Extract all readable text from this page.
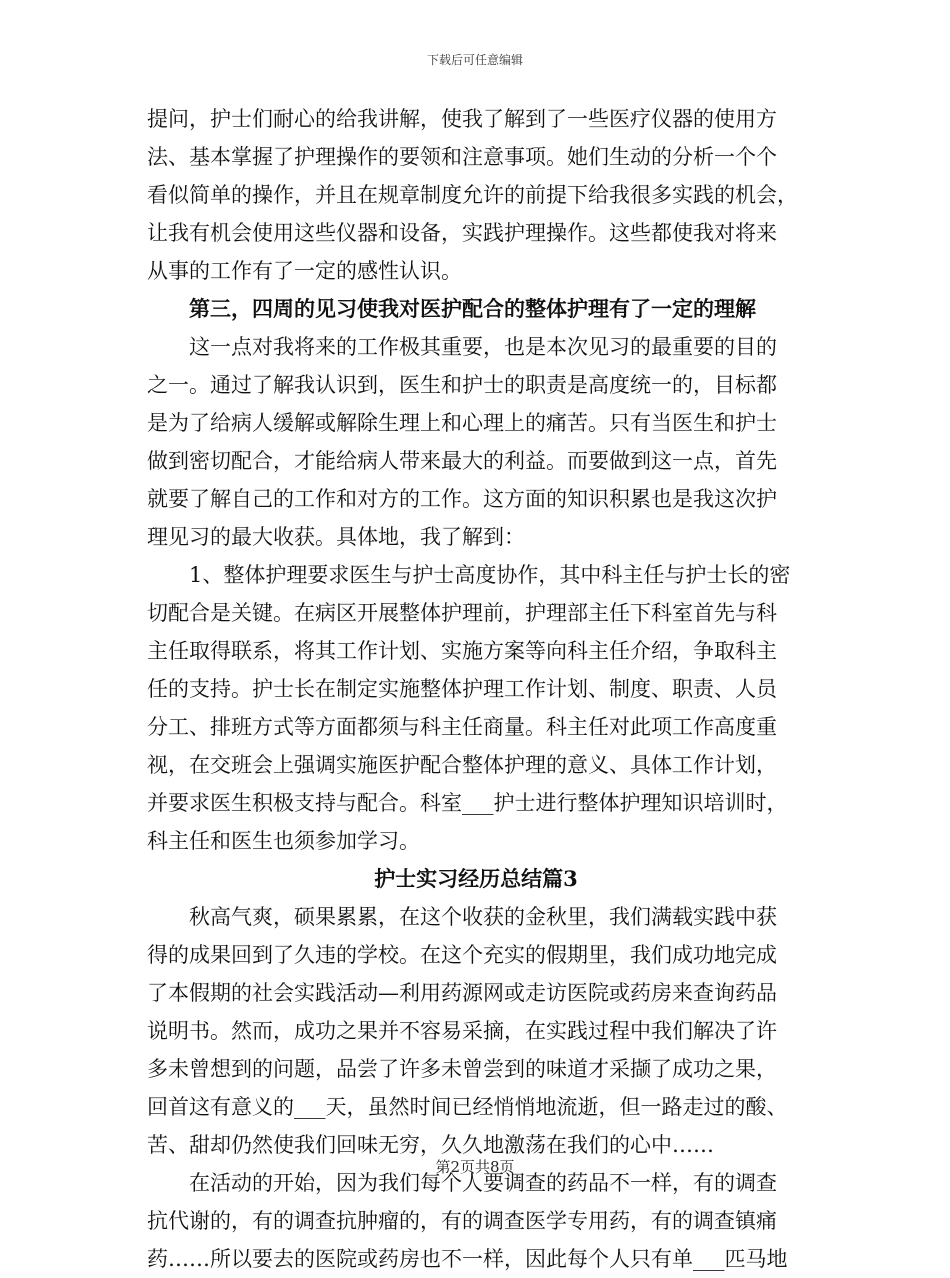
下载后可任意编辑
提问，护士们耐心的给我讲解，使我了解到了一些医疗仪器的使用方
法、基本掌握了护理操作的要领和注意事项。她们生动的分析一个个
看似简单的操作，并且在规章制度允许的前提下给我很多实践的机会，
让我有机会使用这些仪器和设备，实践护理操作。这些都使我对将来
从事的工作有了一定的感性认识。
第三，四周的见习使我对医护配合的整体护理有了一定的理解
这一点对我将来的工作极其重要，也是本次见习的最重要的目的
之一。通过了解我认识到，医生和护士的职责是高度统一的，目标都
是为了给病人缓解或解除生理上和心理上的痛苦。只有当医生和护士
做到密切配合，才能给病人带来最大的利益。而要做到这一点，首先
就要了解自己的工作和对方的工作。这方面的知识积累也是我这次护
理见习的最大收获。具体地，我了解到：
1、整体护理要求医生与护士高度协作，其中科主任与护士长的密
切配合是关键。在病区开展整体护理前，护理部主任下科室首先与科
主任取得联系，将其工作计划、实施方案等向科主任介绍，争取科主
任的支持。护士长在制定实施整体护理工作计划、制度、职责、人员
分工、排班方式等方面都须与科主任商量。科主任对此项工作高度重
视，在交班会上强调实施医护配合整体护理的意义、具体工作计划，
并要求医生积极支持与配合。科室___护士进行整体护理知识培训时，
科主任和医生也须参加学习。
护士实习经历总结篇3
秋高气爽，硕果累累，在这个收获的金秋里，我们满载实践中获
得的成果回到了久违的学校。在这个充实的假期里，我们成功地完成
了本假期的社会实践活动—利用药源网或走访医院或药房来查询药品
说明书。然而，成功之果并不容易采摘，在实践过程中我们解决了许
多未曾想到的问题，品尝了许多未曾尝到的味道才采撷了成功之果，
回首这有意义的___天，虽然时间已经悄悄地流逝，但一路走过的酸、
苦、甜却仍然使我们回味无穷，久久地激荡在我们的心中……
在活动的开始，因为我们每个人要调查的药品不一样，有的调查
抗代谢的，有的调查抗肿瘤的，有的调查医学专用药，有的调查镇痛
药……所以要去的医院或药房也不一样，因此每个人只有单___匹马地
第2页共8页
